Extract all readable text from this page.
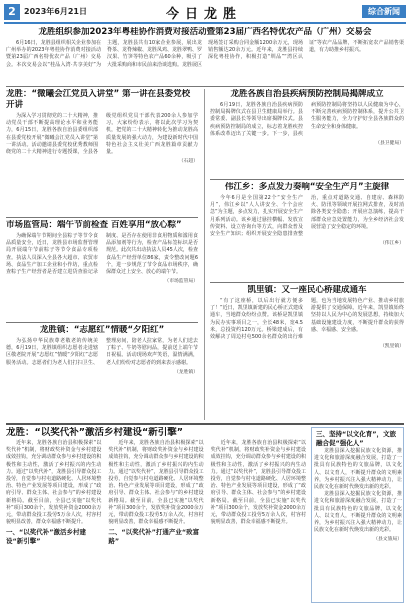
2	2023年6月21日	今日龙胜	综合新闻
龙胜组织参加2023年粤桂协作消费对接活动暨第23届广西名特优农产品（广州）交易会
6月16日，龙胜县组织相关企业参加在广州举办的2023年粤桂协作消费对接活动暨第23届广西名特优农产品（广州）交易会。本次交易会以“桂品入湾·共享美好”为主题，龙胜县共有10家企业参展，展出龙脊茶、龙脊辣椒、龙胜凤鸡、龙胜翠鸭、罗汉果、竹笋等特色农产品60余种，吸引了大批采购商和市民前来洽谈选购。龙胜展区现场签订采购合同金额1200余万元，现场销售额达20余万元。近年来，龙胜县持续深化粤桂协作，积极打造“圳品”“湾区认证”等农产品品牌，不断拓宽农产品销售渠道，有力助推乡村振兴。
龙胜：“微曦会江党员入讲堂” 第一讲在县委党校开讲
为深入学习贯彻党的二十大精神，推动党员干部不断提高理论水平和业务能力，6月15日，龙胜各族自治县委组织部在县委党校开展“微曦会江党员入讲堂”第一讲活动。活动邀请县委党校优秀教师围绕党的二十大精神进行专题授课，全县各级党组织党员干部代表200余人参加学习。大家纷纷表示，将以此次学习为契机，把党的二十大精神转化为推动龙胜高质量发展的强大动力，为建设新时代中国特色社会主义壮美广西龙胜篇章贡献力量。
（石超）
市场监管局：端午节前检查 百姓享用“放心粽”
为确保端午节期间全县粽子等节令食品质量安全，近日，龙胜县市场监督管理局开展端午节前粽子等节令食品专项检查。执法人员深入全县各大超市、农贸市场、食品生产加工企业和小作坊，重点检查粽子生产经营者是否建立进货查验记录制度、是否存在使用非食用物质和滥用食品添加剂等行为，检查产品标签标识是否规范。此次共出动执法人员45人次，检查食品生产经营单位86家，责令整改问题6个，进一步规范了节令食品市场秩序，确保群众过上安全、放心的端午节。
（市场监管局）
龙胜镇：“志愿红”情暖“夕阳红”
为弘扬中华民族尊老敬老的传统美德，6月19日，龙胜镇组织志愿者走进辖区敬老院开展“志愿红”情暖“夕阳红”志愿服务活动。志愿者们为老人们打扫卫生、整理房间，陪老人拉家常，为老人们送去了粽子、牛奶等慰问品，提前送上端午节日祝福。活动现场欢声笑语，温情满满，老人们纷纷对志愿者的到来表示感谢。
（龙胜镇）
龙胜各族自治县疾病预防控制局揭牌成立
6月19日，龙胜各族自治县疾病预防控制局揭牌仪式在县卫生健康局举行。县委常委、副县长等领导出席揭牌仪式。县疾病预防控制局的成立，标志着龙胜疾控体系改革迈出了关键一步。下一步，县疾病预防控制局将坚持以人民健康为中心，不断完善疾病预防控制体系，提升公共卫生服务能力，全力守护好全县各族群众的生命安全和身体健康。
（县卫健局）
伟江乡：多点发力奏响“安全生产月”主旋律
今年6月是全国第22个“安全生产月”，伟江乡以“人人讲安全、个个会应急”为主题，多点发力，扎实开展安全生产月系列活动。该乡通过悬挂横幅、发放宣传资料、设立咨询台等方式，向群众普及安全生产知识；组织开展安全隐患排查整治，重点对道路交通、自建房、森林防火、防汛等领域开展拉网式排查，及时消除各类安全隐患；开展应急演练，提高干部群众应急处置能力，为全乡经济社会发展营造了安全稳定的环境。
（伟江乡）
凯里镇：又一座民心桥建成通车
“有了这座桥，以后出行就方便多了！”近日，凯里镇新建的民心桥正式建成通车，当地群众纷纷点赞。该桥是凯里镇为民办实事项目之一，全长48米，宽4.5米，总投资约120万元。桥梁建成后，有效解决了周边村屯500余名群众的出行难题，也为当地发展特色产业、推动乡村旅游提供了交通保障。近年来，凯里镇始终坚持以人民为中心的发展思想，持续加大基础设施建设力度，不断提升群众的获得感、幸福感、安全感。
（凯里镇）
龙胜：“以奖代补”激活乡村建设“新引擎”
近年来，龙胜各族自治县积极探索“以奖代补”机制，将财政奖补资金与乡村建设成效挂钩，充分调动群众参与乡村建设的积极性和主动性，激活了乡村振兴的内生动力。通过“以奖代补”，龙胜县引导群众投工投劳，自觉参与村屯道路硬化、人居环境整治、特色产业发展等项目建设，形成了“政府引导、群众主体、社会参与”的乡村建设新格局。截至目前，全县已实施“以奖代补”项目300余个，发放奖补资金2000余万元，带动群众投工投劳5万余人次，村容村貌明显改善，群众幸福感不断提升。
一、“以奖代补”激活乡村建设“新引擎”
近年来，龙胜各族自治县积极探索“以奖代补”机制，将财政奖补资金与乡村建设成效挂钩，充分调动群众参与乡村建设的积极性和主动性，激活了乡村振兴的内生动力。通过“以奖代补”，龙胜县引导群众投工投劳，自觉参与村屯道路硬化、人居环境整治、特色产业发展等项目建设，形成了“政府引导、群众主体、社会参与”的乡村建设新格局。截至目前，全县已实施“以奖代补”项目300余个，发放奖补资金2000余万元，带动群众投工投劳5万余人次，村容村貌明显改善，群众幸福感不断提升。
二、“以奖代补”打通产业“致富路”
近年来，龙胜各族自治县积极探索“以奖代补”机制，将财政奖补资金与乡村建设成效挂钩，充分调动群众参与乡村建设的积极性和主动性，激活了乡村振兴的内生动力。通过“以奖代补”，龙胜县引导群众投工投劳，自觉参与村屯道路硬化、人居环境整治、特色产业发展等项目建设，形成了“政府引导、群众主体、社会参与”的乡村建设新格局。截至目前，全县已实施“以奖代补”项目300余个，发放奖补资金2000余万元，带动群众投工投劳5万余人次，村容村貌明显改善，群众幸福感不断提升。
三、坚持“以文化育”，文旅融合促“强化人”
龙胜县深入挖掘民族文化资源，推进文化和旅游深度融合发展，打造了一批具有民族特色的文旅品牌，以文化人、以文育人，不断提升群众的文明素养，为乡村振兴注入强大精神动力，让民族文化在新时代焕发出新的光彩。
龙胜县深入挖掘民族文化资源，推进文化和旅游深度融合发展，打造了一批具有民族特色的文旅品牌，以文化人、以文育人，不断提升群众的文明素养，为乡村振兴注入强大精神动力，让民族文化在新时代焕发出新的光彩。
（县文旅局）
